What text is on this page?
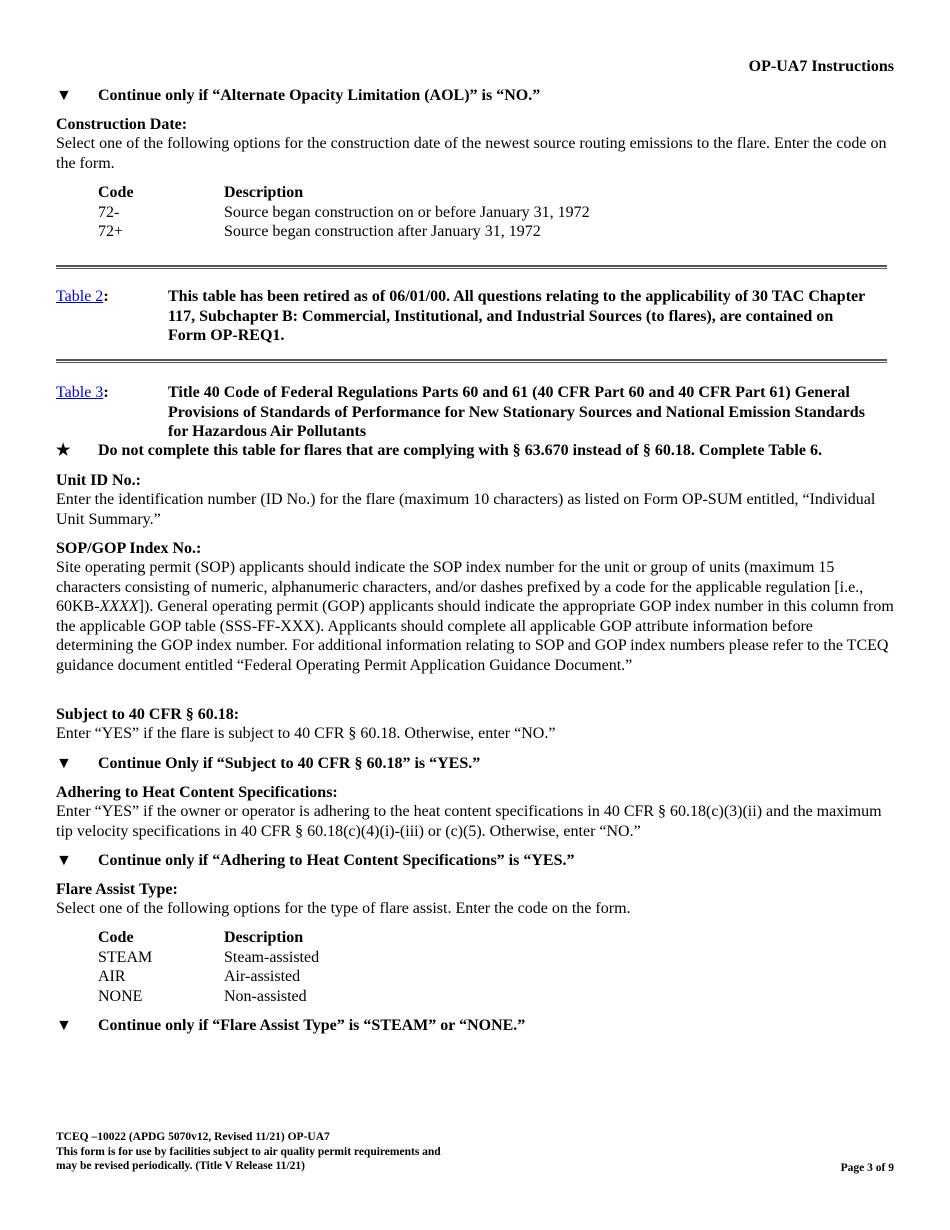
OP-UA7 Instructions
▼	Continue only if “Alternate Opacity Limitation (AOL)” is “NO.”
Construction Date:
Select one of the following options for the construction date of the newest source routing emissions to the flare. Enter the code on the form.
Code	Description
72-	Source began construction on or before January 31, 1972
72+	Source began construction after January 31, 1972
Table 2:	This table has been retired as of 06/01/00. All questions relating to the applicability of 30 TAC Chapter 117, Subchapter B: Commercial, Institutional, and Industrial Sources (to flares), are contained on Form OP-REQ1.
Table 3:	Title 40 Code of Federal Regulations Parts 60 and 61 (40 CFR Part 60 and 40 CFR Part 61) General Provisions of Standards of Performance for New Stationary Sources and National Emission Standards for Hazardous Air Pollutants
★	Do not complete this table for flares that are complying with § 63.670 instead of § 60.18. Complete Table 6.
Unit ID No.:
Enter the identification number (ID No.) for the flare (maximum 10 characters) as listed on Form OP-SUM entitled, “Individual Unit Summary.”
SOP/GOP Index No.:
Site operating permit (SOP) applicants should indicate the SOP index number for the unit or group of units (maximum 15 characters consisting of numeric, alphanumeric characters, and/or dashes prefixed by a code for the applicable regulation [i.e., 60KB-XXXX]). General operating permit (GOP) applicants should indicate the appropriate GOP index number in this column from the applicable GOP table (SSS-FF-XXX). Applicants should complete all applicable GOP attribute information before determining the GOP index number. For additional information relating to SOP and GOP index numbers please refer to the TCEQ guidance document entitled “Federal Operating Permit Application Guidance Document.”
Subject to 40 CFR § 60.18:
Enter “YES” if the flare is subject to 40 CFR § 60.18. Otherwise, enter “NO.”
▼	Continue Only if “Subject to 40 CFR § 60.18” is “YES.”
Adhering to Heat Content Specifications:
Enter “YES” if the owner or operator is adhering to the heat content specifications in 40 CFR § 60.18(c)(3)(ii) and the maximum tip velocity specifications in 40 CFR § 60.18(c)(4)(i)-(iii) or (c)(5). Otherwise, enter “NO.”
▼	Continue only if “Adhering to Heat Content Specifications” is “YES.”
Flare Assist Type:
Select one of the following options for the type of flare assist. Enter the code on the form.
Code	Description
STEAM	Steam-assisted
AIR	Air-assisted
NONE	Non-assisted
▼	Continue only if “Flare Assist Type” is “STEAM” or “NONE.”
TCEQ –10022 (APDG 5070v12, Revised 11/21) OP-UA7
This form is for use by facilities subject to air quality permit requirements and
may be revised periodically. (Title V Release 11/21)	Page 3 of 9
